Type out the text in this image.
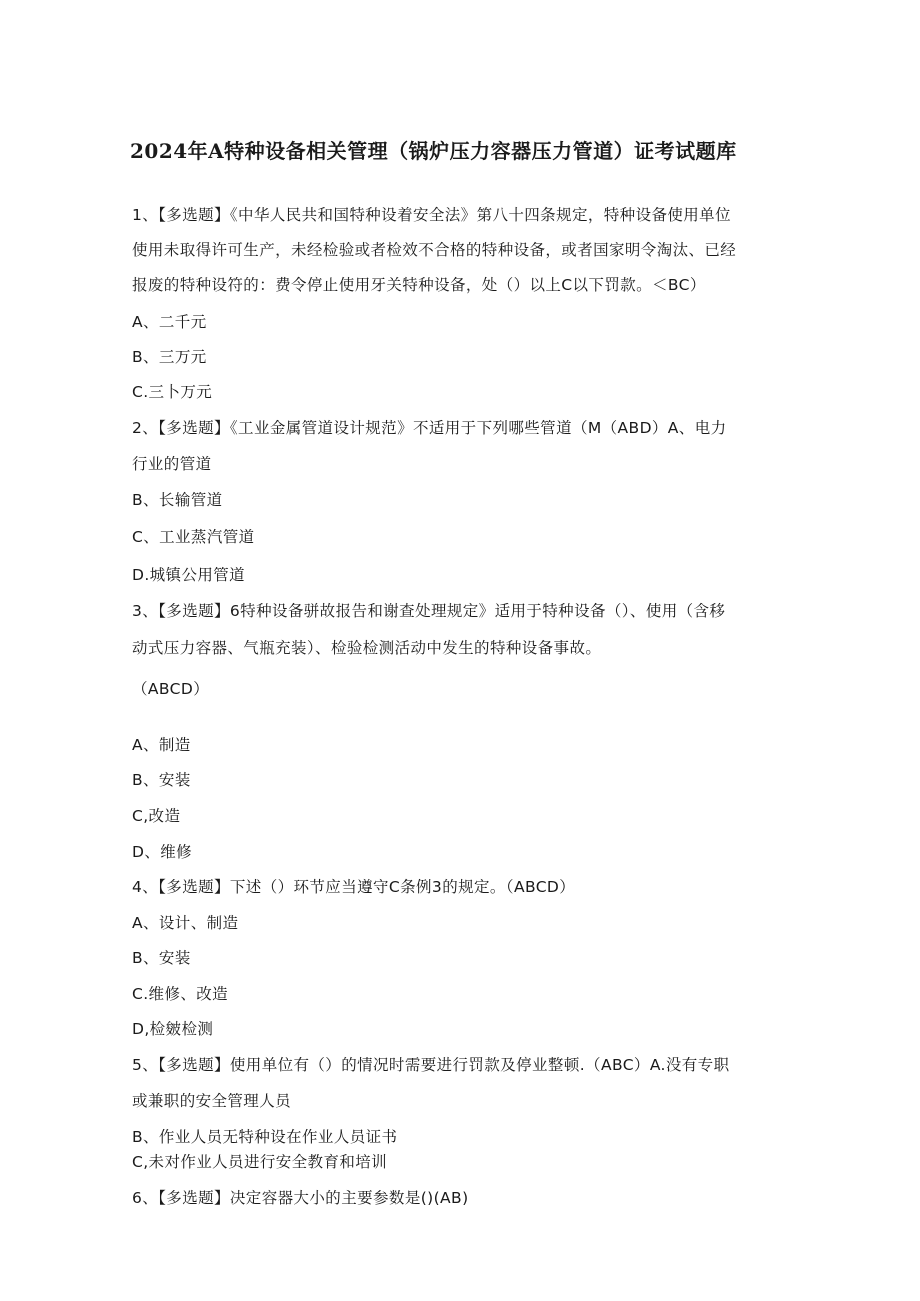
2024年A特种设备相关管理（锅炉压力容器压力管道）证考试题库
1、【多选题】《中华人民共和国特种设着安全法》第八十四条规定，特种设备使用单位
使用未取得许可生产，未经检验或者检效不合格的特种设备，或者国家明令淘汰、已经
报废的特种设符的：费令停止使用牙关特种设备，处（）以上C以下罚款。＜BC）
A、二千元
B、三万元
C.三卜万元
2、【多选题】《工业金属管道设计规范》不适用于下列哪些管道（M（ABD）A、电力
行业的管道
B、长输管道
C、工业蒸汽管道
D.城镇公用管道
3、【多选题】6特种设备骈故报告和谢查处理规定》适用于特种设备（）、使用（含移
动式压力容器、气瓶充装）、检验检测活动中发生的特种设备事故。
（ABCD）
A、制造
B、安装
C,改造
D、维修
4、【多选题】下述（）环节应当遵守C条例3的规定。（ABCD）
A、设计、制造
B、安装
C.维修、改造
D,检皴检测
5、【多选题】使用单位有（）的情况时需要进行罚款及停业整顿.（ABC）A.没有专职
或兼职的安全管理人员
B、作业人员无特种设在作业人员证书
C,未对作业人员进行安全教育和培训
6、【多选题】决定容器大小的主要参数是()(AB)
